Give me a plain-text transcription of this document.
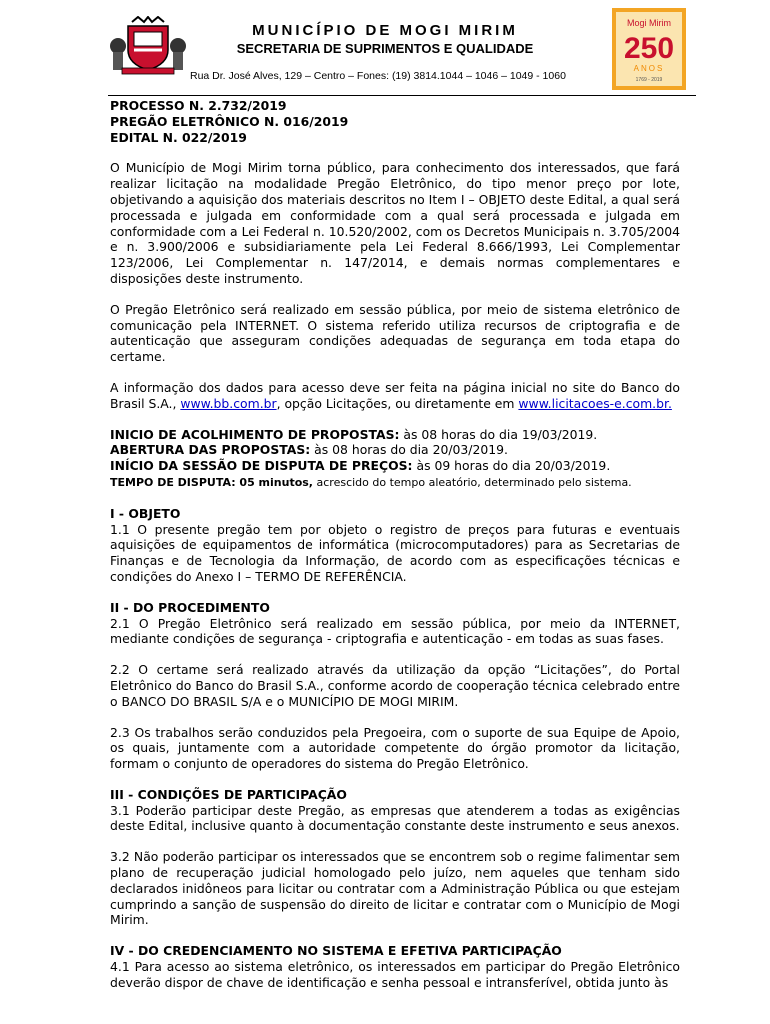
MUNICÍPIO DE MOGI MIRIM
SECRETARIA DE SUPRIMENTOS E QUALIDADE
Rua Dr. José Alves, 129 – Centro – Fones: (19) 3814.1044 – 1046 – 1049 - 1060
Mogi Mirim
250
ANOS
1769 - 2019

PROCESSO N. 2.732/2019

PREGÃO ELETRÔNICO N. 016/2019

EDITAL N. 022/2019

O Município de Mogi Mirim torna público, para conhecimento dos interessados, que fará realizar licitação na modalidade Pregão Eletrônico, do tipo menor preço por lote, objetivando a aquisição dos materiais descritos no Item I – OBJETO deste Edital, a qual será processada e julgada em conformidade com a qual será processada e julgada em conformidade com a Lei Federal n. 10.520/2002, com os Decretos Municipais n. 3.705/2004 e n. 3.900/2006 e subsidiariamente pela Lei Federal 8.666/1993, Lei Complementar 123/2006, Lei Complementar n. 147/2014, e demais normas complementares e disposições deste instrumento.

O Pregão Eletrônico será realizado em sessão pública, por meio de sistema eletrônico de comunicação pela INTERNET. O sistema referido utiliza recursos de criptografia e de autenticação que asseguram condições adequadas de segurança em toda etapa do certame.

A informação dos dados para acesso deve ser feita na página inicial no site do Banco do Brasil S.A., www.bb.com.br, opção Licitações, ou diretamente em www.licitacoes-e.com.br.

INICIO DE ACOLHIMENTO DE PROPOSTAS: às 08 horas do dia 19/03/2019.

ABERTURA DAS PROPOSTAS: às 08 horas do dia 20/03/2019.

INÍCIO DA SESSÃO DE DISPUTA DE PREÇOS: às 09 horas do dia 20/03/2019.

TEMPO DE DISPUTA: 05 minutos, acrescido do tempo aleatório, determinado pelo sistema.

I - OBJETO

1.1 O presente pregão tem por objeto o registro de preços para futuras e eventuais aquisições de equipamentos de informática (microcomputadores) para as Secretarias de Finanças e de Tecnologia da Informação, de acordo com as especificações técnicas e condições do Anexo I – TERMO DE REFERÊNCIA.

II - DO PROCEDIMENTO

2.1 O Pregão Eletrônico será realizado em sessão pública, por meio da INTERNET, mediante condições de segurança - criptografia e autenticação - em todas as suas fases.

2.2 O certame será realizado através da utilização da opção “Licitações”, do Portal Eletrônico do Banco do Brasil S.A., conforme acordo de cooperação técnica celebrado entre o BANCO DO BRASIL S/A e o MUNICÍPIO DE MOGI MIRIM.

2.3 Os trabalhos serão conduzidos pela Pregoeira, com o suporte de sua Equipe de Apoio, os quais, juntamente com a autoridade competente do órgão promotor da licitação, formam o conjunto de operadores do sistema do Pregão Eletrônico.

III - CONDIÇÕES DE PARTICIPAÇÃO

3.1 Poderão participar deste Pregão, as empresas que atenderem a todas as exigências deste Edital, inclusive quanto à documentação constante deste instrumento e seus anexos.

3.2 Não poderão participar os interessados que se encontrem sob o regime falimentar sem plano de recuperação judicial homologado pelo juízo, nem aqueles que tenham sido declarados inidôneos para licitar ou contratar com a Administração Pública ou que estejam cumprindo a sanção de suspensão do direito de licitar e contratar com o Município de Mogi Mirim.

IV - DO CREDENCIAMENTO NO SISTEMA E EFETIVA PARTICIPAÇÃO

4.1 Para acesso ao sistema eletrônico, os interessados em participar do Pregão Eletrônico deverão dispor de chave de identificação e senha pessoal e intransferível, obtida junto às
